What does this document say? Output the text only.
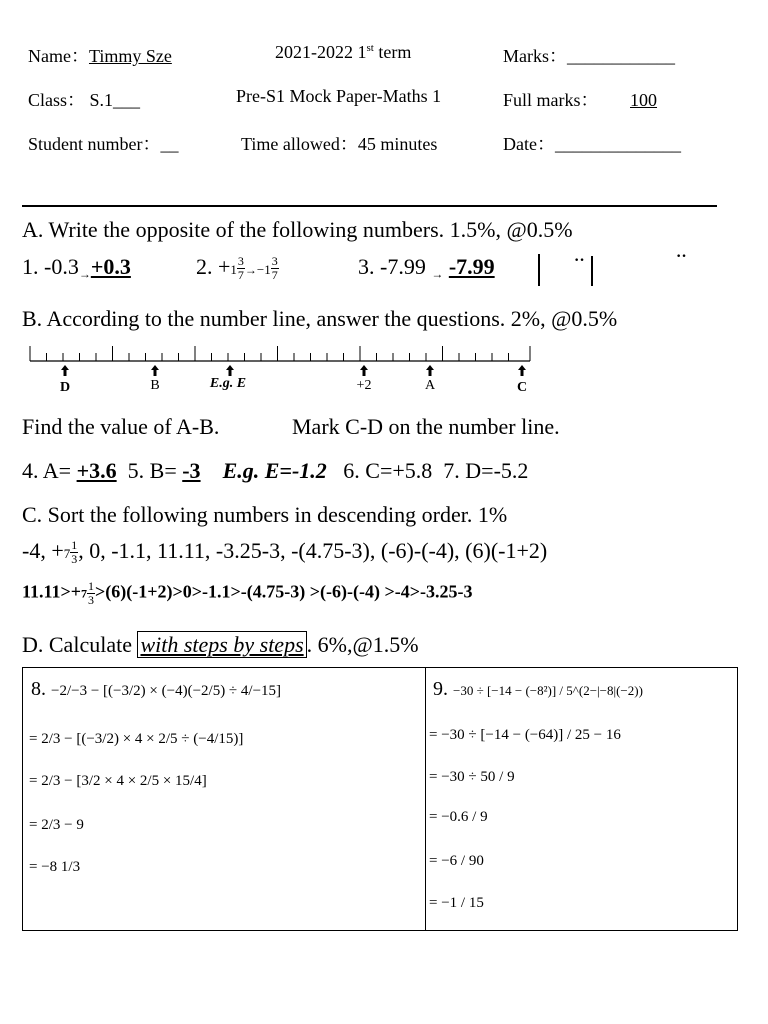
Name：Timmy Sze	2021-2022 1st term	Marks：____________
Class： S.1___	Pre-S1 Mock Paper-Maths 1	Full marks： 100
Student number：__	Time allowed：45 minutes	Date：______________
A. Write the opposite of the following numbers. 1.5%, @0.5%
1. -0.3→+0.3	2. $+1 \frac{3}{7} \to-1 \frac{3}{7}$	3. -7.99 → -7.99	··	··
B. According to the number line, answer the questions. 2%, @0.5%
D	B	E.g. E	+2	A	C
Find the value of A-B.	Mark C-D on the number line.
4. A= +3.6 5. B= -3 E.g. E=-1.2 6. C=+5.8 7. D=-5.2
C. Sort the following numbers in descending order. 1%
-4, $+7 \frac{1}{3}$ , 0, -1.1, 11.11, -3.25-3, -(4.75-3), (-6)-(-4), (6)(-1+2)
$11.11>+7 \frac{1}{3} >(6)(-1+2)>0>-1.1>-(4.75-3) >(-6)-(-4) >-4>-3.25-3$
D. Calculate with steps by steps . 6%,@1.5%
8. −2/−3 − [(−3/2) × (−4)(−2/5) ÷ 4/−15]
= 2/3 − [(−3/2) × 4 × 2/5 ÷ (−4/15)]
= 2/3 − [3/2 × 4 × 2/5 × 15/4]
= 2/3 − 9
= −8 1/3
9. −30 ÷ [−14 − (−8²)] / 5^(2−|−8|(−2))
= −30 ÷ [−14 − (−64)] / 25 − 16
= −30 ÷ 50 / 9
= −0.6 / 9
= −6 / 90
= −1 / 15
